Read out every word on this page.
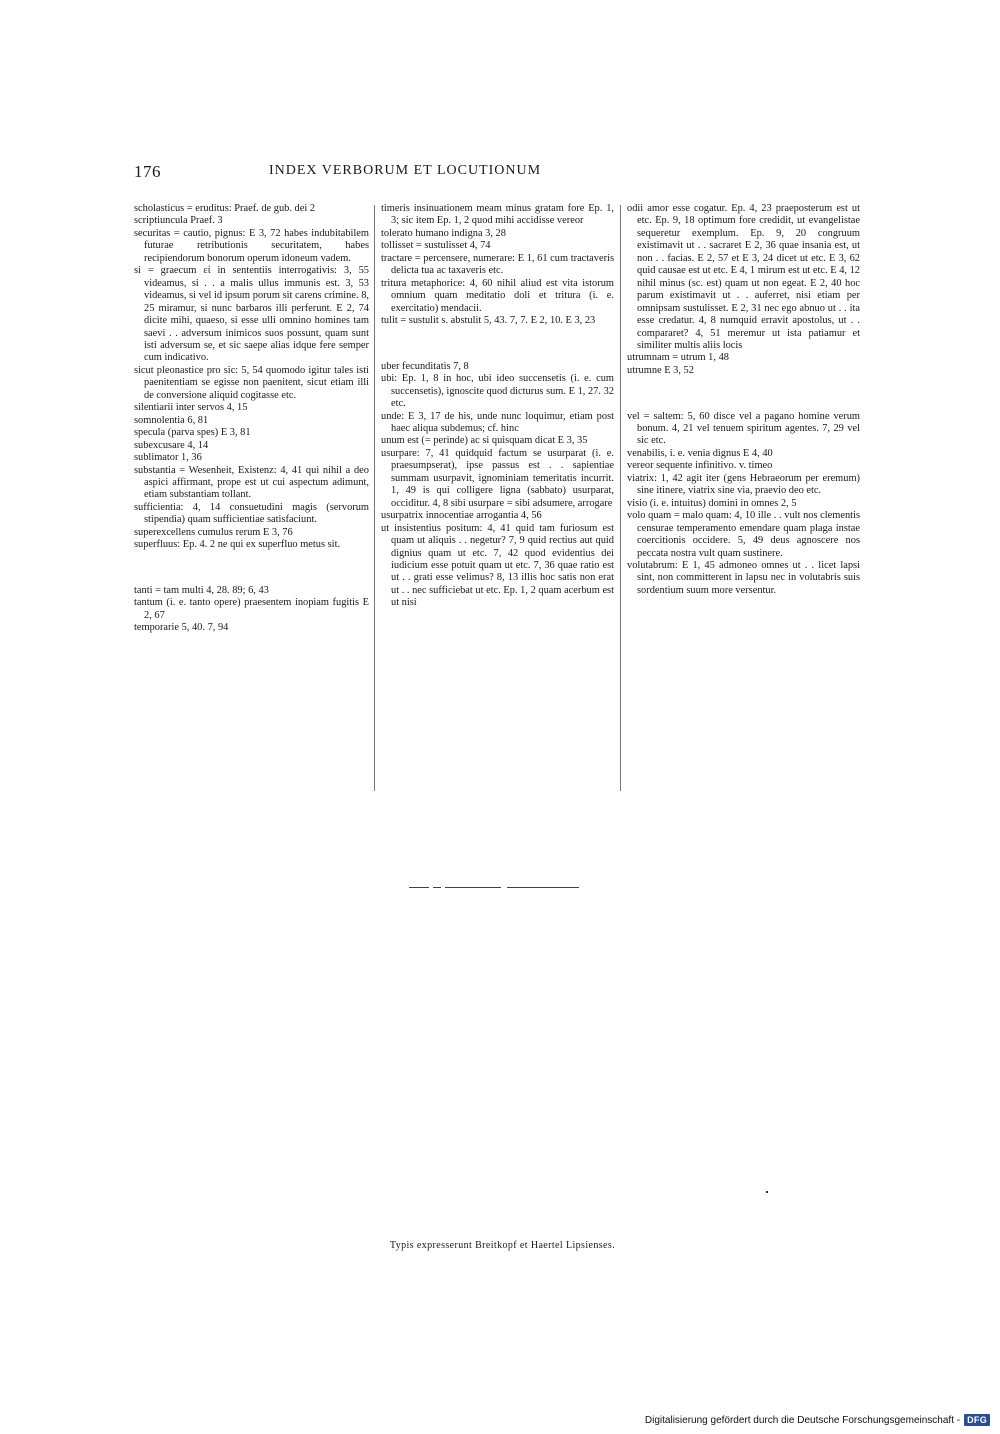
176	INDEX VERBORUM ET LOCUTIONUM

scholasticus = eruditus: Praef. de gub. dei 2

scriptiuncula Praef. 3

securitas = cautio, pignus: E 3, 72 habes indubitabilem futurae retributionis securitatem, habes recipiendorum bonorum operum idoneum vadem.

si = graecum εἰ in sententiis interrogativis: 3, 55 videamus, si . . a malis ullus immunis est. 3, 53 videamus, si vel id ipsum porum sit carens crimine. 8, 25 miramur, si nunc barbaros illi perferunt. E 2, 74 dicite mihi, quaeso, si esse ulli omnino homines tam saevi . . adversum inimicos suos possunt, quam sunt isti adversum se, et sic saepe alias idque fere semper cum indicativo.

sicut pleonastice pro sic: 5, 54 quomodo igitur tales isti paenitentiam se egisse non paenitent, sicut etiam illi de conversione aliquid cogitasse etc.

silentiarii inter servos 4, 15

somnolentia 6, 81

specula (parva spes) E 3, 81

subexcusare 4, 14

sublimator 1, 36

substantia = Wesenheit, Existenz: 4, 41 qui nihil a deo aspici affirmant, prope est ut cui aspectum adimunt, etiam substantiam tollant.

sufficientia: 4, 14 consuetudini magis (servorum stipendia) quam sufficientiae satisfaciunt.

superexcellens cumulus rerum E 3, 76

superfluus: Ep. 4. 2 ne qui ex superfluo metus sit.

tanti = tam multi 4, 28. 89; 6, 43

tantum (i. e. tanto opere) praesentem inopiam fugitis E 2, 67

temporarie 5, 40. 7, 94

timeris insinuationem meam minus gratam fore Ep. 1, 3; sic item Ep. 1, 2 quod mihi accidisse vereor

tolerato humano indigna 3, 28

tollisset = sustulisset 4, 74

tractare = percensere, numerare: E 1, 61 cum tractaveris delicta tua ac taxaveris etc.

tritura metaphorice: 4, 60 nihil aliud est vita istorum omnium quam meditatio doli et tritura (i. e. exercitatio) mendacii.

tulit = sustulit s. abstulit 5, 43. 7, 7. E 2, 10. E 3, 23

uber fecunditatis 7, 8

ubi: Ep. 1, 8 in hoc, ubi ideo succensetis (i. e. cum succensetis), ignoscite quod dicturus sum. E 1, 27. 32 etc.

unde: E 3, 17 de his, unde nunc loquimur, etiam post haec aliqua subdemus; cf. hinc

unum est (= perinde) ac si quisquam dicat E 3, 35

usurpare: 7, 41 quidquid factum se usurparat (i. e. praesumpserat), ipse passus est . . sapientiae summam usurpavit, ignominiam temeritatis incurrit. 1, 49 is qui colligere ligna (sabbato) usurparat, occiditur. 4, 8 sibi usurpare = sibi adsumere, arrogare

usurpatrix innocentiae arrogantia 4, 56

ut insistentius positum: 4, 41 quid tam furiosum est quam ut aliquis . . negetur? 7, 9 quid rectius aut quid dignius quam ut etc. 7, 42 quod evidentius dei iudicium esse potuit quam ut etc. 7, 36 quae ratio est ut . . grati esse velimus? 8, 13 illis hoc satis non erat ut . . nec sufficiebat ut etc. Ep. 1, 2 quam acerbum est ut nisi

odii amor esse cogatur. Ep. 4, 23 praeposterum est ut etc. Ep. 9, 18 optimum fore credidit, ut evangelistae sequeretur exemplum. Ep. 9, 20 congruum existimavit ut . . sacraret E 2, 36 quae insania est, ut non . . facias. E 2, 57 et E 3, 24 dicet ut etc. E 3, 62 quid causae est ut etc. E 4, 1 mirum est ut etc. E 4, 12 nihil minus (sc. est) quam ut non egeat. E 2, 40 hoc parum existimavit ut . . auferret, nisi etiam per omnipsam sustulisset. E 2, 31 nec ego abnuo ut . . ita esse credatur. 4, 8 numquid erravit apostolus, ut . . compararet? 4, 51 meremur ut ista patiamur et similiter multis aliis locis

utrumnam = utrum 1, 48

utrumne E 3, 52

vel = saltem: 5, 60 disce vel a pagano homine verum bonum. 4, 21 vel tenuem spiritum agentes. 7, 29 vel sic etc.

venabilis, i. e. venia dignus E 4, 40

vereor sequente infinitivo. v. timeo

viatrix: 1, 42 agit iter (gens Hebraeorum per eremum) sine itinere, viatrix sine via, praevio deo etc.

visio (i. e. intuitus) domini in omnes 2, 5

volo quam = malo quam: 4, 10 ille . . vult nos clementis censurae temperamento emendare quam plaga instae coercitionis occidere. 5, 49 deus agnoscere nos peccata nostra vult quam sustinere.

volutabrum: E 1, 45 admoneo omnes ut . . licet lapsi sint, non committerent in lapsu nec in volutabris suis sordentium suum more versentur.

Typis expresserunt Breitkopf et Haertel Lipsienses.
Digitalisierung gefördert durch die Deutsche Forschungsgemeinschaft - DFG
